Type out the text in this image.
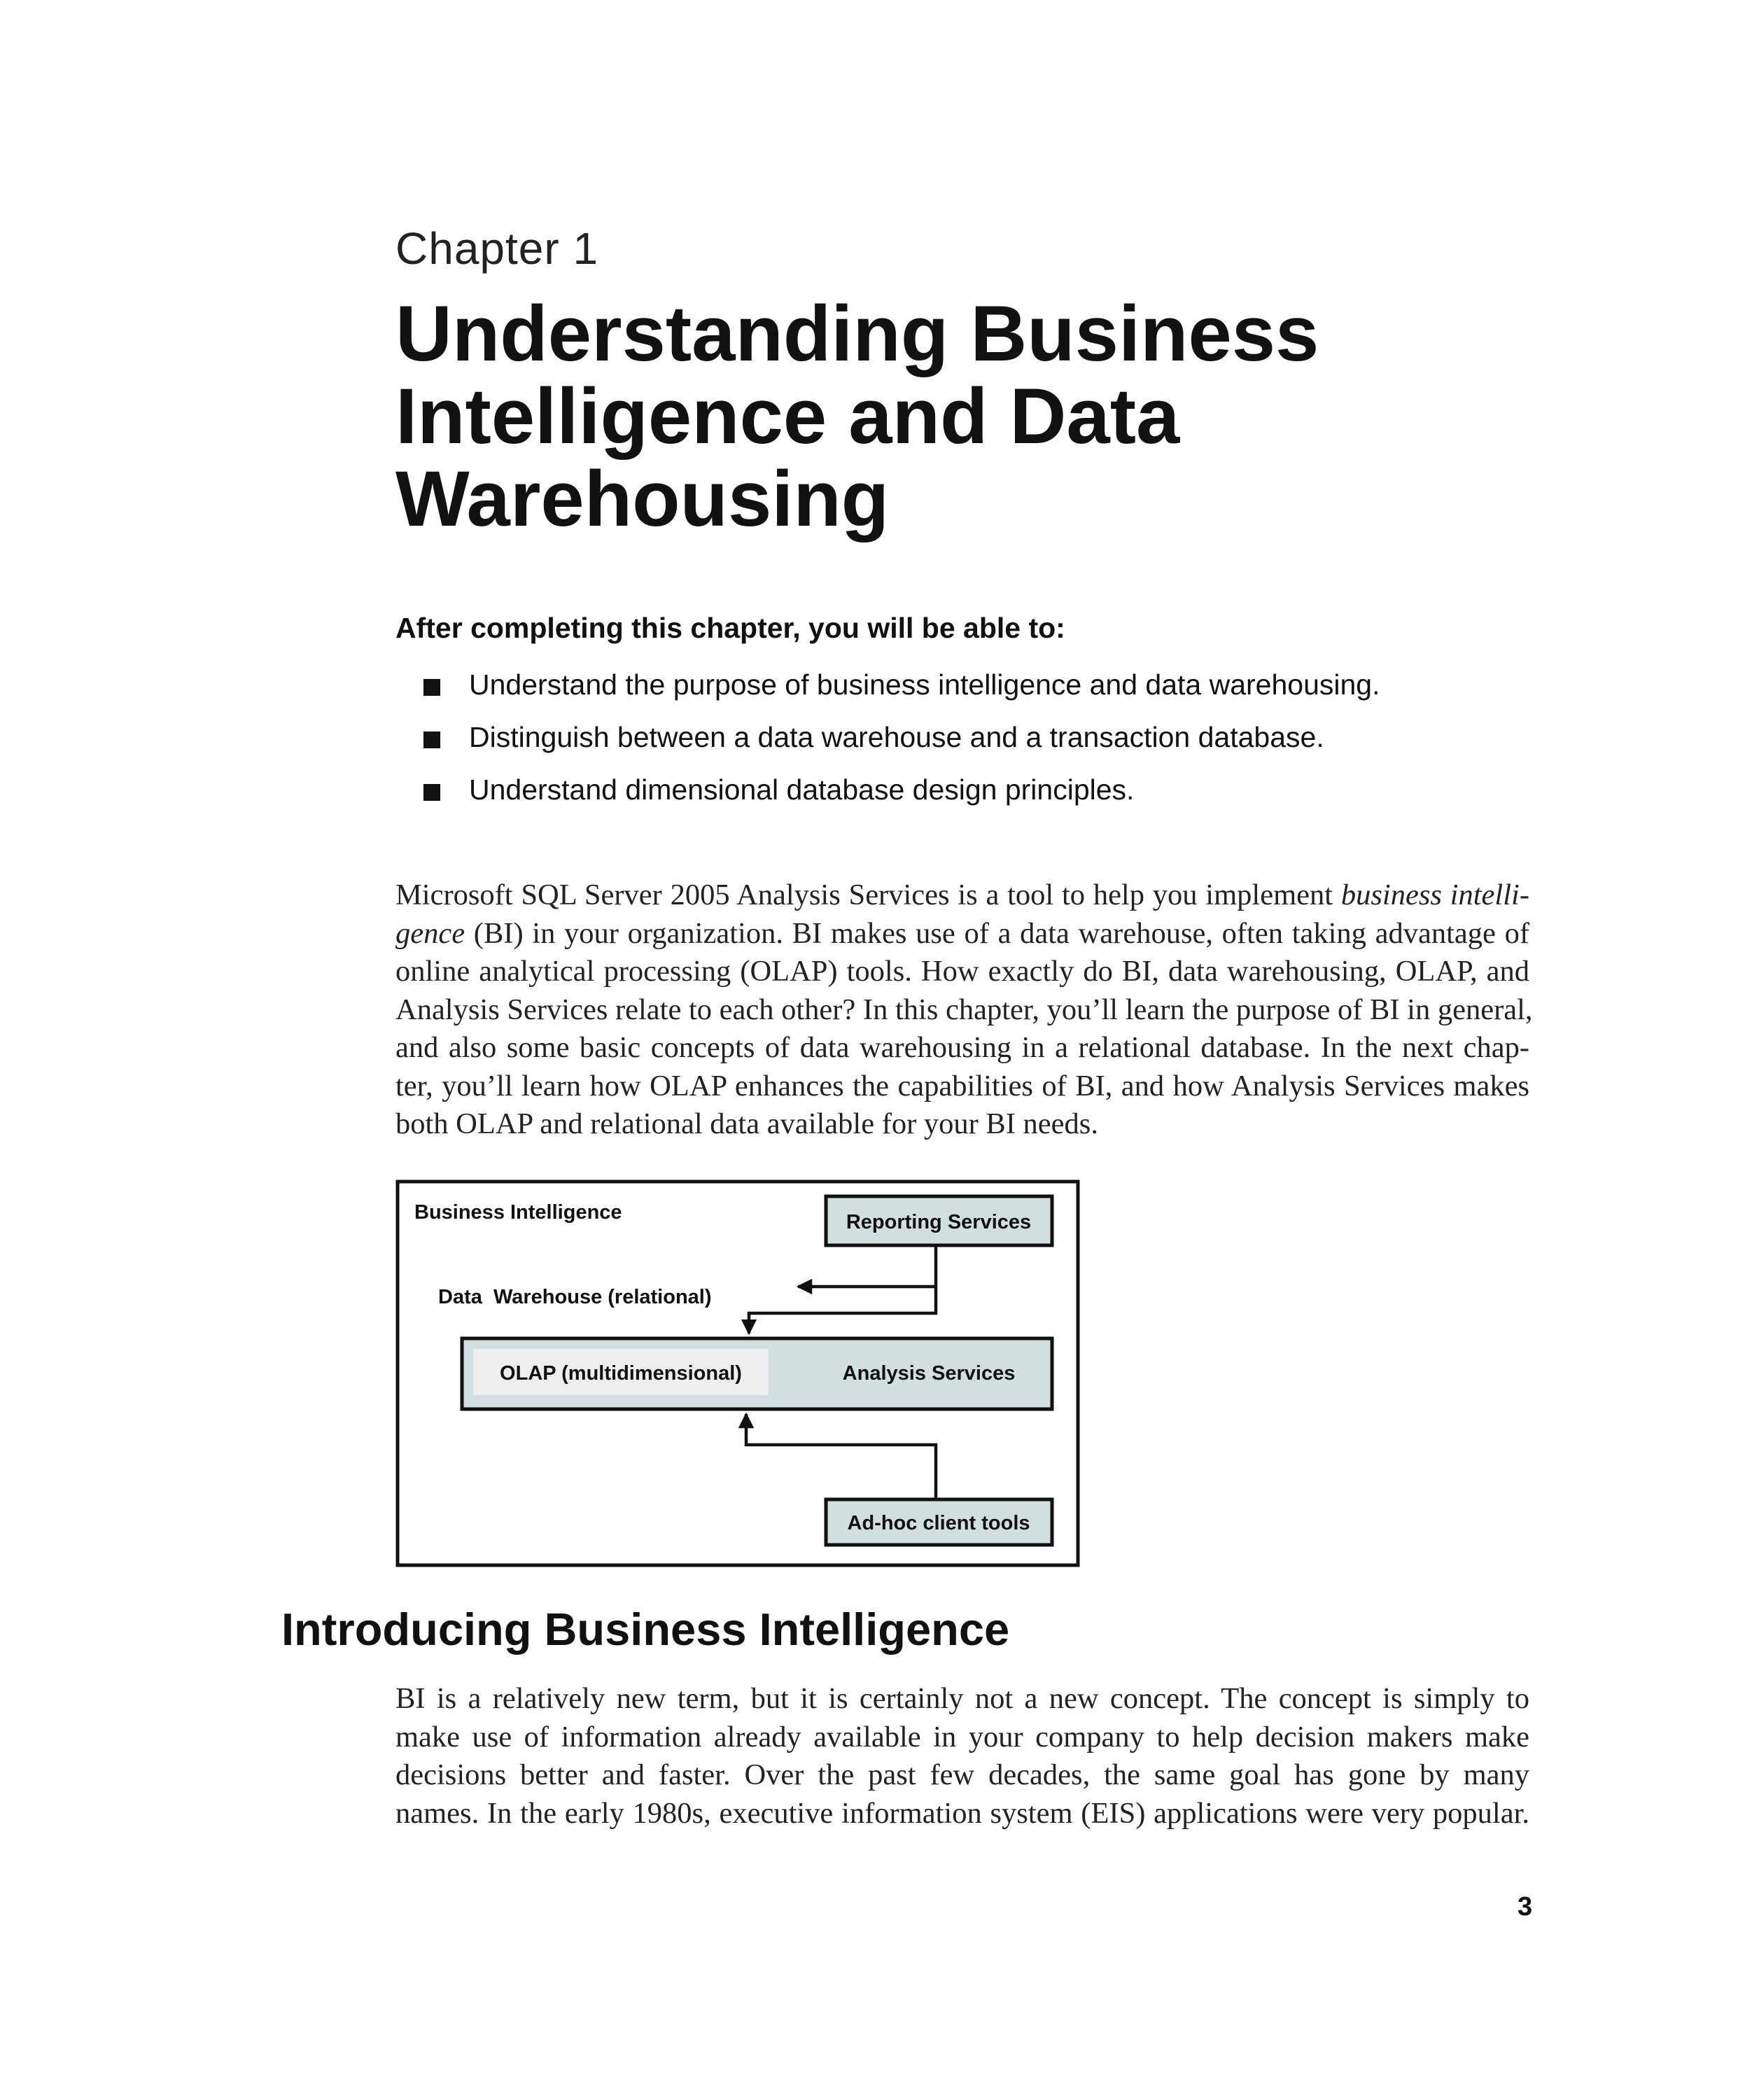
Chapter 1
Understanding Business
Intelligence and Data
Warehousing
After completing this chapter, you will be able to:
Understand the purpose of business intelligence and data warehousing.
Distinguish between a data warehouse and a transaction database.
Understand dimensional database design principles.

Microsoft SQL Server 2005 Analysis Services is a tool to help you implement business intelli-
gence (BI) in your organization. BI makes use of a data warehouse, often taking advantage of
online analytical processing (OLAP) tools. How exactly do BI, data warehousing, OLAP, and
Analysis Services relate to each other? In this chapter, you’ll learn the purpose of BI in general,
and also some basic concepts of data warehousing in a relational database. In the next chap-
ter, you’ll learn how OLAP enhances the capabilities of BI, and how Analysis Services makes
both OLAP and relational data available for your BI needs.

Business Intelligence	Reporting Services
Data  Warehouse (relational)
OLAP (multidimensional)	Analysis Services
Ad-hoc client tools
Introducing Business Intelligence

BI is a relatively new term, but it is certainly not a new concept. The concept is simply to
make use of information already available in your company to help decision makers make
decisions better and faster. Over the past few decades, the same goal has gone by many
names. In the early 1980s, executive information system (EIS) applications were very popular.

3
